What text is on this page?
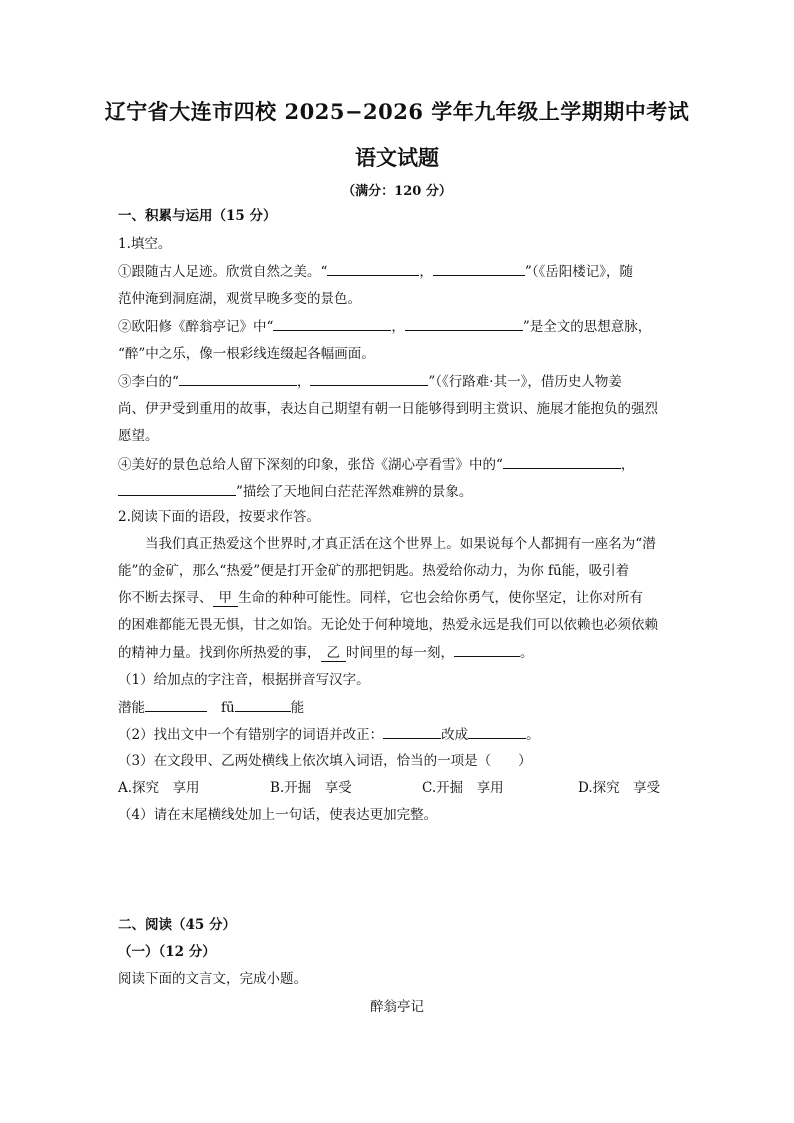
辽宁省大连市四校 2025−2026 学年九年级上学期期中考试
语文试题
（满分：120 分）
一、积累与运用（15 分）
1.填空。
①跟随古人足迹。欣赏自然之美。“	，	”（《岳阳楼记》，随
范仲淹到洞庭湖，观赏早晚多变的景色。
②欧阳修《醉翁亭记》中“	，	”是全文的思想意脉，
“醉”中之乐，像一根彩线连缀起各幅画面。
③李白的“	，	”（《行路难·其一》，借历史人物姜
尚、伊尹受到重用的故事，表达自己期望有朝一日能够得到明主赏识、施展才能抱负的强烈
愿望。
④美好的景色总给人留下深刻的印象，张岱《湖心亭看雪》中的“	，
”描绘了天地间白茫茫浑然难辨的景象。
2.阅读下面的语段，按要求作答。
当我们真正热爱这个世界时,才真正活在这个世界上。如果说每个人都拥有一座名为“潜
能”的金矿，那么“热爱”便是打开金矿的那把钥匙。热爱给你动力，为你 fū能，吸引着
你不断去探寻、 甲 生命的种种可能性。同样，它也会给你勇气，使你坚定，让你对所有
的困难都能无畏无惧，甘之如饴。无论处于何种境地，热爱永远是我们可以依赖也必须依赖
的精神力量。找到你所热爱的事， 乙 时间里的每一刻，	。
（1）给加点的字注音，根据拼音写汉字。
潜能	fū	能
（2）找出文中一个有错别字的词语并改正：	改成	。
（3）在文段甲、乙两处横线上依次填入词语，恰当的一项是（　　）
A.探究　享用	B.开掘　享受	C.开掘　享用	D.探究　享受
（4）请在末尾横线处加上一句话，使表达更加完整。
二、阅读（45 分）
（一）（12 分）
阅读下面的文言文，完成小题。
醉翁亭记
